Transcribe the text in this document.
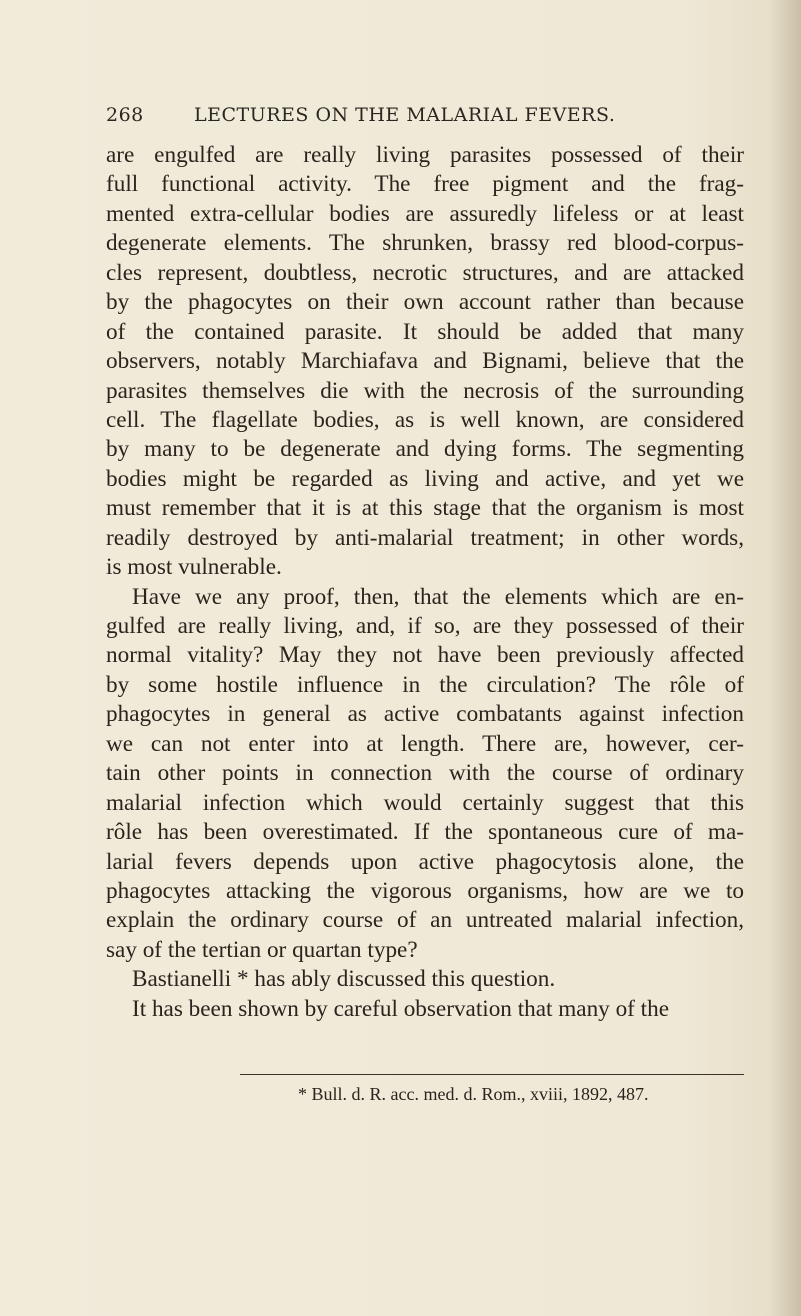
268	LECTURES ON THE MALARIAL FEVERS.
are engulfed are really living parasites possessed of their
full functional activity. The free pigment and the frag-
mented extra-cellular bodies are assuredly lifeless or at least
degenerate elements. The shrunken, brassy red blood-corpus-
cles represent, doubtless, necrotic structures, and are attacked
by the phagocytes on their own account rather than because
of the contained parasite. It should be added that many
observers, notably Marchiafava and Bignami, believe that the
parasites themselves die with the necrosis of the surrounding
cell. The flagellate bodies, as is well known, are considered
by many to be degenerate and dying forms. The segmenting
bodies might be regarded as living and active, and yet we
must remember that it is at this stage that the organism is most
readily destroyed by anti-malarial treatment; in other words,
is most vulnerable.
Have we any proof, then, that the elements which are en-
gulfed are really living, and, if so, are they possessed of their
normal vitality? May they not have been previously affected
by some hostile influence in the circulation? The rôle of
phagocytes in general as active combatants against infection
we can not enter into at length. There are, however, cer-
tain other points in connection with the course of ordinary
malarial infection which would certainly suggest that this
rôle has been overestimated. If the spontaneous cure of ma-
larial fevers depends upon active phagocytosis alone, the
phagocytes attacking the vigorous organisms, how are we to
explain the ordinary course of an untreated malarial infection,
say of the tertian or quartan type?
Bastianelli * has ably discussed this question.
It has been shown by careful observation that many of the
* Bull. d. R. acc. med. d. Rom., xviii, 1892, 487.
